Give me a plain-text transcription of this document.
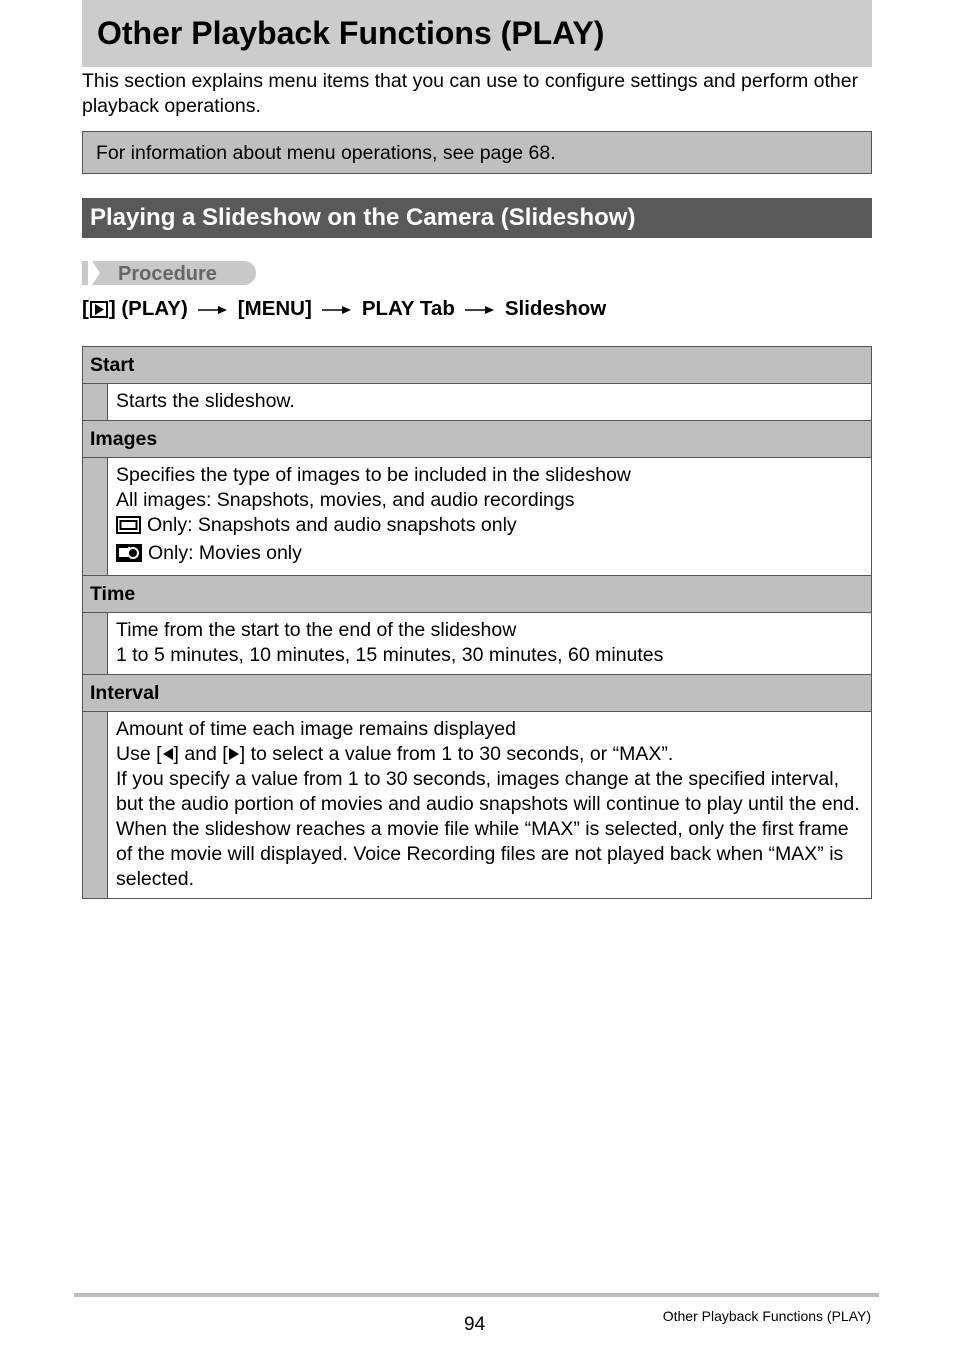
Other Playback Functions (PLAY)
This section explains menu items that you can use to configure settings and perform other playback operations.
For information about menu operations, see page 68.
Playing a Slideshow on the Camera (Slideshow)
Procedure
[ ] (PLAY) [MENU] PLAY Tab Slideshow
Start	

	Starts the slideshow.

Images	

	Specifies the type of images to be included in the slideshow
All images: Snapshots, movies, and audio recordings
Only: Snapshots and audio snapshots only
Only: Movies only

Time	

	Time from the start to the end of the slideshow
1 to 5 minutes, 10 minutes, 15 minutes, 30 minutes, 60 minutes

Interval	

	Amount of time each image remains displayed
Use [ ] and [ ] to select a value from 1 to 30 seconds, or “MAX”.
If you specify a value from 1 to 30 seconds, images change at the specified interval, but the audio portion of movies and audio snapshots will continue to play until the end.
When the slideshow reaches a movie file while “MAX” is selected, only the first frame of the movie will displayed. Voice Recording files are not played back when “MAX” is selected.
94	Other Playback Functions (PLAY)
